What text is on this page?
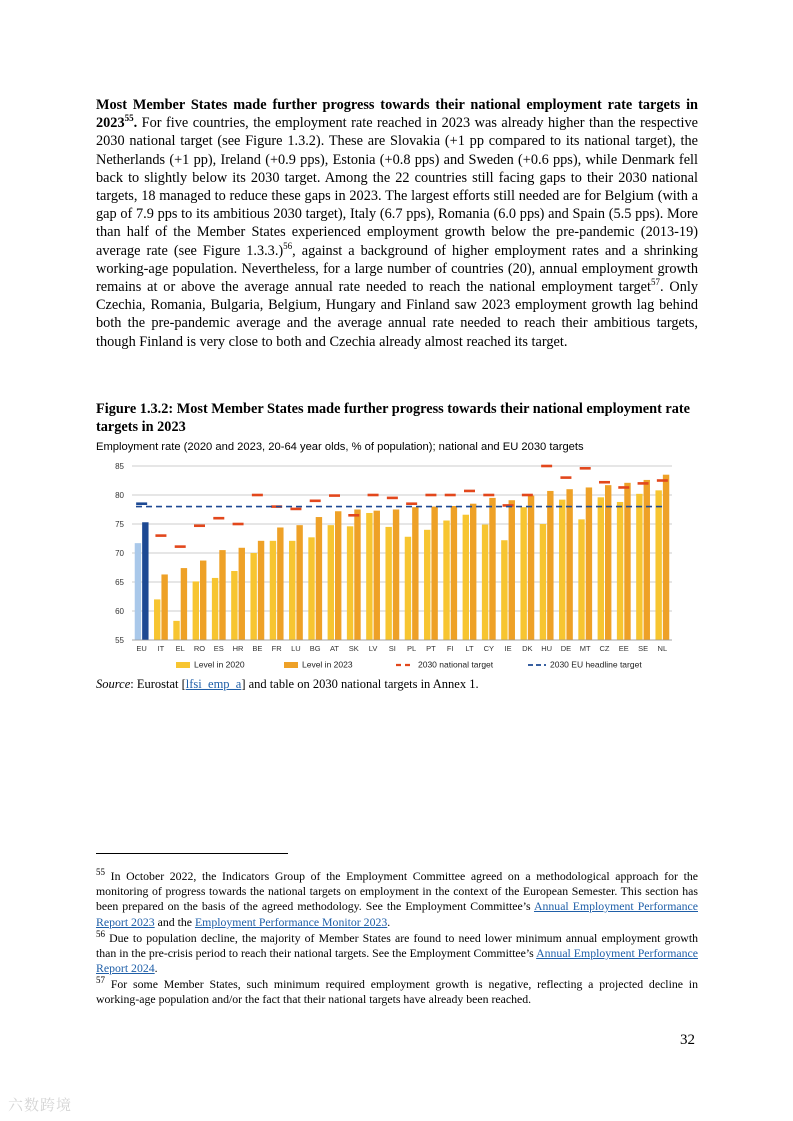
Most Member States made further progress towards their national employment rate targets in 2023$^{55}$. For five countries, the employment rate reached in 2023 was already higher than the respective 2030 national target (see Figure 1.3.2). These are Slovakia (+1 pp compared to its national target), the Netherlands (+1 pp), Ireland (+0.9 pps), Estonia (+0.8 pps) and Sweden (+0.6 pps), while Denmark fell back to slightly below its 2030 target. Among the 22 countries still facing gaps to their 2030 national targets, 18 managed to reduce these gaps in 2023. The largest efforts still needed are for Belgium (with a gap of 7.9 pps to its ambitious 2030 target), Italy (6.7 pps), Romania (6.0 pps) and Spain (5.5 pps). More than half of the Member States experienced employment growth below the pre-pandemic (2013-19) average rate (see Figure 1.3.3.)$^{56}$, against a background of higher employment rates and a shrinking working-age population. Nevertheless, for a large number of countries (20), annual employment growth remains at or above the average annual rate needed to reach the national employment target$^{57}$. Only Czechia, Romania, Bulgaria, Belgium, Hungary and Finland saw 2023 employment growth lag behind both the pre-pandemic average and the average annual rate needed to reach their ambitious targets, though Finland is very close to both and Czechia already almost reached its target.
Figure 1.3.2: Most Member States made further progress towards their national employment rate targets in 2023
Employment rate (2020 and 2023, 20-64 year olds, % of population); national and EU 2030 targets
55
60
65
70
75
80
85
EU IT EL RO ES HR BE FR LU BG AT SK LV SI PL PT FI LT CY IE DK HU DE MT CZ EE SE NL
Level in 2020	Level in 2023	2030 national target	2030 EU headline target
Source: Eurostat [lfsi_emp_a] and table on 2030 national targets in Annex 1.
$^{55}$ In October 2022, the Indicators Group of the Employment Committee agreed on a methodological approach for the monitoring of progress towards the national targets on employment in the context of the European Semester. This section has been prepared on the basis of the agreed methodology. See the Employment Committee’s Annual Employment Performance Report 2023 and the Employment Performance Monitor 2023.
$^{56}$ Due to population decline, the majority of Member States are found to need lower minimum annual employment growth than in the pre-crisis period to reach their national targets. See the Employment Committee’s Annual Employment Performance Report 2024.
$^{57}$ For some Member States, such minimum required employment growth is negative, reflecting a projected decline in working-age population and/or the fact that their national targets have already been reached.
32
六数跨境
